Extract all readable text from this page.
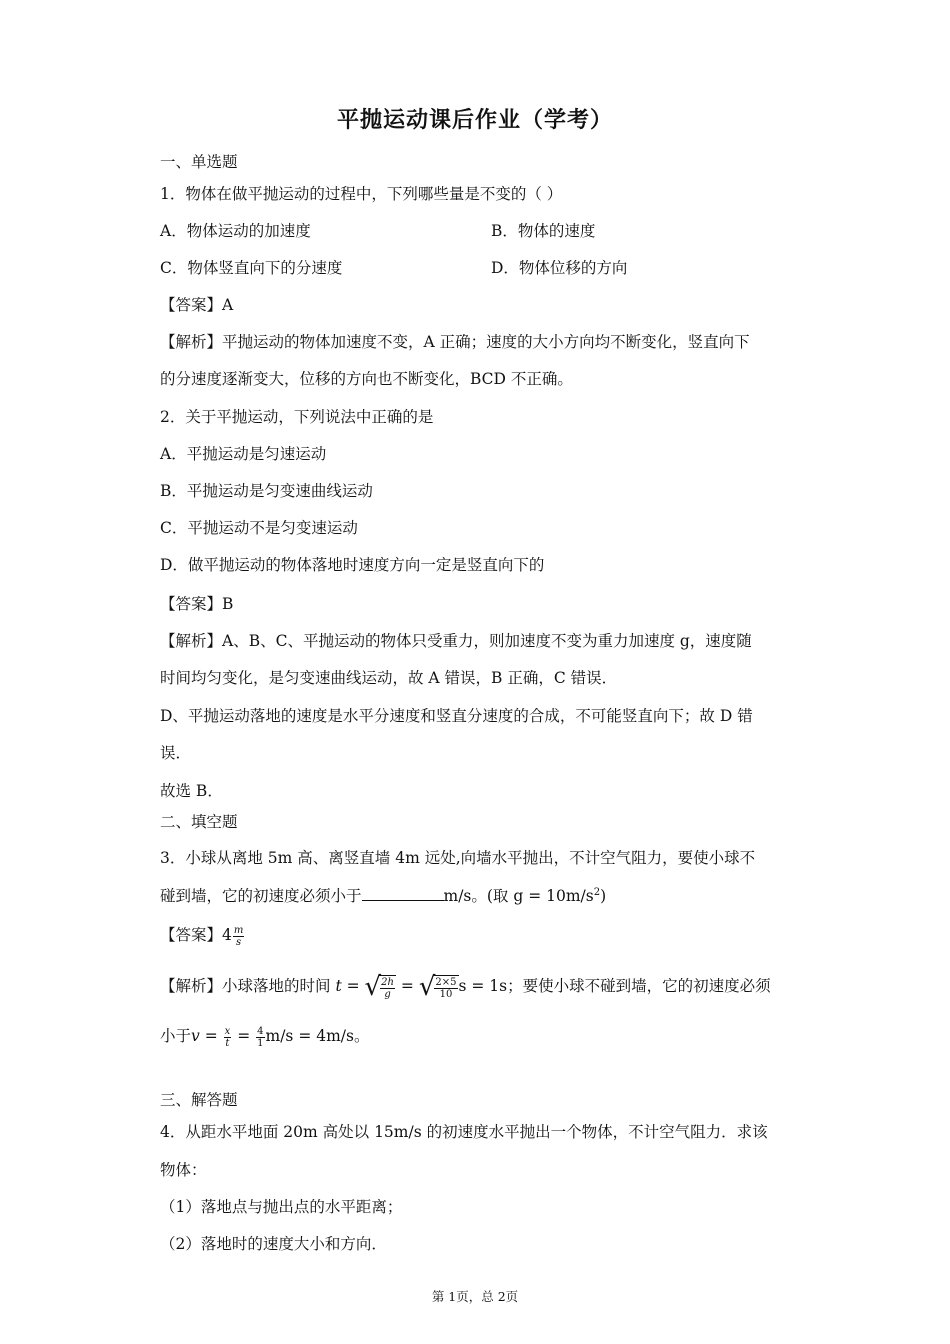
平抛运动课后作业（学考）
一、单选题
1．物体在做平抛运动的过程中，下列哪些量是不变的（ ）
A．物体运动的加速度	B．物体的速度
C．物体竖直向下的分速度	D．物体位移的方向
【答案】A
【解析】平抛运动的物体加速度不变，A 正确；速度的大小方向均不断变化，竖直向下
的分速度逐渐变大，位移的方向也不断变化，BCD 不正确。
2．关于平抛运动，下列说法中正确的是
A．平抛运动是匀速运动
B．平抛运动是匀变速曲线运动
C．平抛运动不是匀变速运动
D．做平抛运动的物体落地时速度方向一定是竖直向下的
【答案】B
【解析】A、B、C、平抛运动的物体只受重力，则加速度不变为重力加速度 g，速度随
时间均匀变化，是匀变速曲线运动，故 A 错误，B 正确，C 错误．
D、平抛运动落地的速度是水平分速度和竖直分速度的合成，不可能竖直向下；故 D 错
误．
故选 B．
二、填空题
3．小球从离地 5m 高、离竖直墙 4m 远处,向墙水平抛出，不计空气阻力，要使小球不
碰到墙，它的初速度必须小于	m/s。(取 $g = 10m/s^2$)
【答案】$4 \frac{m}{s}$
【解析】小球落地的时间 t = √ $\frac{2h}{g}$ = √ $\frac{2\times 5}{10}$ s = 1s；要使小球不碰到墙，它的初速度必须
小于$v = \frac{x}{t} = \frac{4}{1} m/s = 4m/s$。
三、解答题
4．从距水平地面 20m 高处以 15m/s 的初速度水平抛出一个物体，不计空气阻力．求该
物体：
（1）落地点与抛出点的水平距离；
（2）落地时的速度大小和方向．
第 1页，总 2页
